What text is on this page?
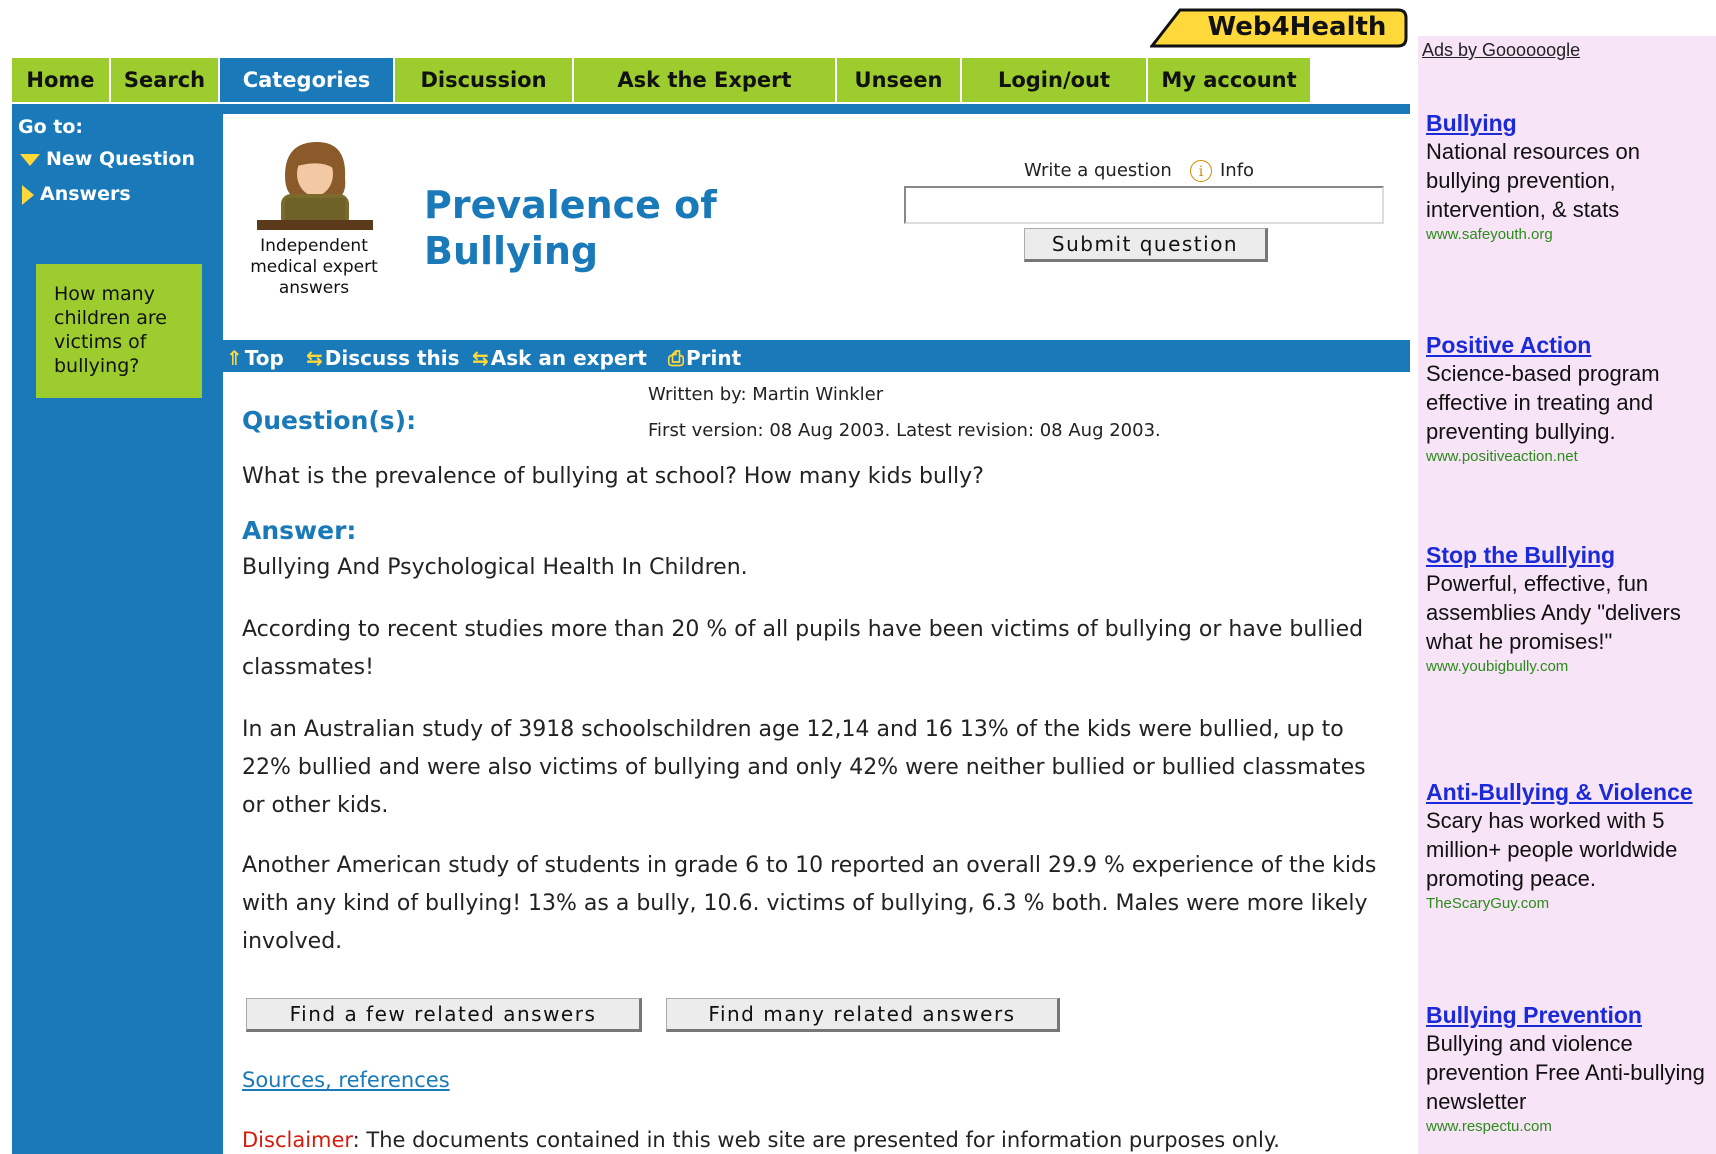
Web4Health
Home	Search	Categories	Discussion	Ask the Expert	Unseen	Login/out	My account
Go to:
New Question
Answers
How many children are victims of bullying?
Independent medical expert answers
Prevalence of Bullying
Write a question	i Info
Submit question
⇑ Top ⇆ Discuss this ⇆ Ask an expert ⎙ Print
Written by: Martin Winkler
First version: 08 Aug 2003. Latest revision: 08 Aug 2003.
Question(s):
What is the prevalence of bullying at school? How many kids bully?
Answer:
Bullying And Psychological Health In Children.
According to recent studies more than 20 % of all pupils have been victims of bullying or have bullied classmates!
In an Australian study of 3918 schoolschildren age 12,14 and 16 13% of the kids were bullied, up to 22% bullied and were also victims of bullying and only 42% were neither bullied or bullied classmates or other kids.
Another American study of students in grade 6 to 10 reported an overall 29.9 % experience of the kids with any kind of bullying! 13% as a bully, 10.6. victims of bullying, 6.3 % both. Males were more likely involved.
Find a few related answers	Find many related answers
Sources, references
Disclaimer: The documents contained in this web site are presented for information purposes only.
Ads by Goooooogle
Bullying
National resources on bullying prevention, intervention, & stats
www.safeyouth.org
Positive Action
Science-based program effective in treating and preventing bullying.
www.positiveaction.net
Stop the Bullying
Powerful, effective, fun assemblies Andy "delivers what he promises!"
www.youbigbully.com
Anti-Bullying & Violence
Scary has worked with 5 million+ people worldwide promoting peace.
TheScaryGuy.com
Bullying Prevention
Bullying and violence prevention Free Anti-bullying newsletter
www.respectu.com
